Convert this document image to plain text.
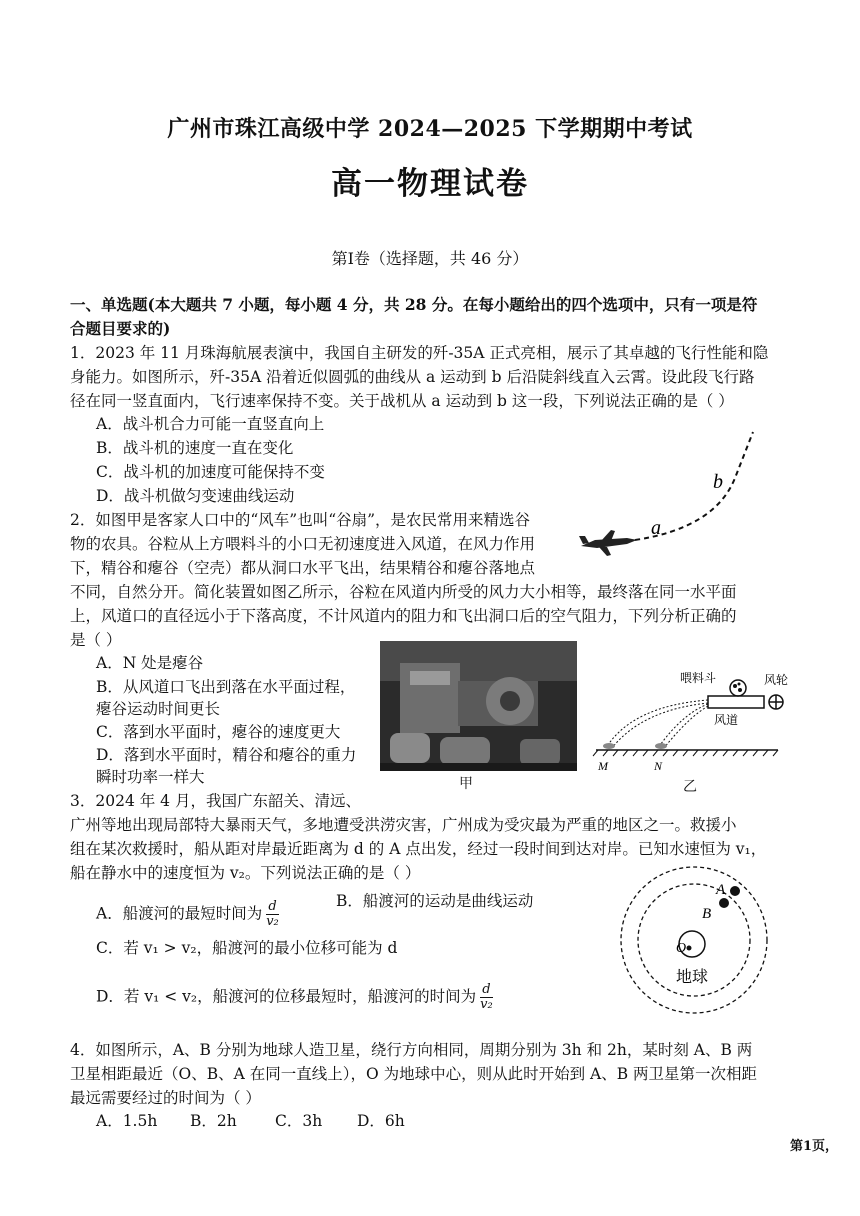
广州市珠江高级中学 2024—2025 下学期期中考试
高一物理试卷
第Ⅰ卷（选择题，共 46 分）
一、单选题(本大题共 7 小题，每小题 4 分，共 28 分。在每小题给出的四个选项中，只有一项是符
合题目要求的)
1．2023 年 11 月珠海航展表演中，我国自主研发的歼-35A 正式亮相，展示了其卓越的飞行性能和隐
身能力。如图所示，歼-35A 沿着近似圆弧的曲线从 a 运动到 b 后沿陡斜线直入云霄。设此段飞行路
径在同一竖直面内，飞行速率保持不变。关于战机从 a 运动到 b 这一段，下列说法正确的是（ ）
A．战斗机合力可能一直竖直向上
B．战斗机的速度一直在变化
C．战斗机的加速度可能保持不变
D．战斗机做匀变速曲线运动
a
b
2．如图甲是客家人口中的“风车”也叫“谷扇”，是农民常用来精选谷
物的农具。谷粒从上方喂料斗的小口无初速度进入风道，在风力作用
下，精谷和瘪谷（空壳）都从洞口水平飞出，结果精谷和瘪谷落地点
不同，自然分开。简化装置如图乙所示，谷粒在风道内所受的风力大小相等，最终落在同一水平面
上，风道口的直径远小于下落高度，不计风道内的阻力和飞出洞口后的空气阻力，下列分析正确的
是（ ）
A．N 处是瘪谷
B．从风道口飞出到落在水平面过程，
瘪谷运动时间更长
C．落到水平面时，瘪谷的速度更大
D．落到水平面时，精谷和瘪谷的重力
瞬时功率一样大	甲
喂料斗	风轮
风道
M	N
乙
3．2024 年 4 月，我国广东韶关、清远、
广州等地出现局部特大暴雨天气，多地遭受洪涝灾害，广州成为受灾最为严重的地区之一。救援小
组在某次救援时，船从距对岸最近距离为 d 的 A 点出发，经过一段时间到达对岸。已知水速恒为 v₁，
船在静水中的速度恒为 v₂。下列说法正确的是（ ）
A．船渡河的最短时间为 $\frac{d}{\text{v₂}}$	B．船渡河的运动是曲线运动
C．若 v₁ > v₂，船渡河的最小位移可能为 d
D．若 v₁ < v₂，船渡河的位移最短时，船渡河的时间为 $\frac{d}{\text{v₂}}$
A
B
O
地球
4．如图所示，A、B 分别为地球人造卫星，绕行方向相同，周期分别为 3h 和 2h，某时刻 A、B 两
卫星相距最近（O、B、A 在同一直线上），O 为地球中心，则从此时开始到 A、B 两卫星第一次相距
最远需要经过的时间为（ ）
A．1.5h B．2h C．3h D．6h
第1页，
